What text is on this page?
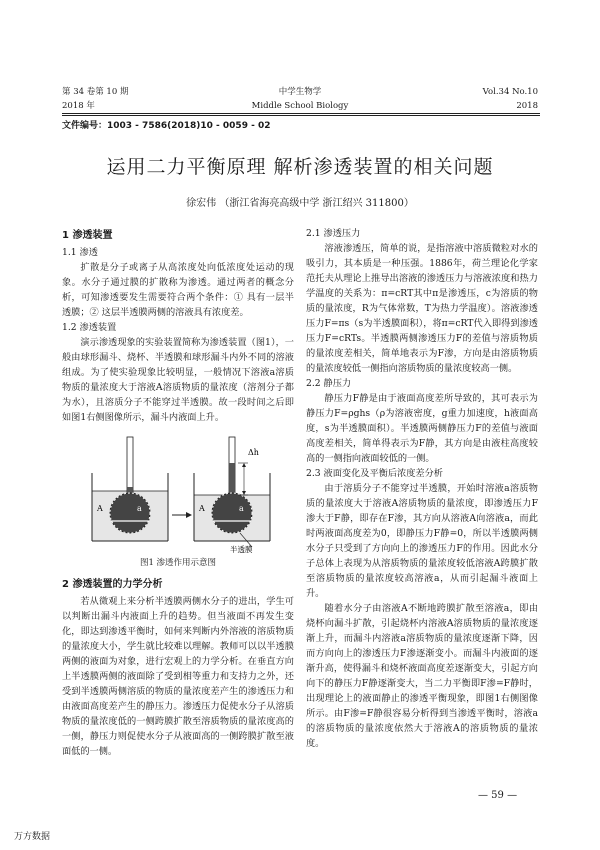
第 34 卷第 10 期
2018 年
中学生物学
Middle School Biology
Vol.34 No.10
2018
文件编号：1003 - 7586(2018)10 - 0059 - 02
运用二力平衡原理 解析渗透装置的相关问题
徐宏伟 （浙江省海亮高级中学 浙江绍兴 311800）
1 渗透装置
1.1 渗透

扩散是分子或离子从高浓度处向低浓度处运动的现象。水分子通过膜的扩散称为渗透。通过两者的概念分析，可知渗透要发生需要符合两个条件：① 具有一层半透膜；② 这层半透膜两侧的溶液具有浓度差。

1.2 渗透装置

演示渗透现象的实验装置简称为渗透装置（图1），一般由球形漏斗、烧杯、半透膜和球形漏斗内外不同的溶液组成。为了使实验现象比较明显，一般情况下溶液a溶质物质的量浓度大于溶液A溶质物质的量浓度（溶剂分子都为水），且溶质分子不能穿过半透膜。故一段时间之后即如图1右侧图像所示，漏斗内液面上升。

Δh
A	a	A	a
半透膜
图1 渗透作用示意图
2 渗透装置的力学分析

若从微观上来分析半透膜两侧水分子的进出，学生可以判断出漏斗内液面上升的趋势。但当液面不再发生变化，即达到渗透平衡时，如何来判断内外溶液的溶质物质的量浓度大小，学生就比较难以理解。教师可以以半透膜两侧的液面为对象，进行宏观上的力学分析。在垂直方向上半透膜两侧的液面除了受到相等重力和支持力之外，还受到半透膜两侧溶质的物质的量浓度差产生的渗透压力和由液面高度差产生的静压力。渗透压力促使水分子从溶质物质的量浓度低的一侧跨膜扩散至溶质物质的量浓度高的一侧，静压力则促使水分子从液面高的一侧跨膜扩散至液面低的一侧。

2.1 渗透压力

溶液渗透压，简单的说，是指溶液中溶质微粒对水的吸引力，其本质是一种压强。1886年，荷兰理论化学家范托夫从理论上推导出溶液的渗透压力与溶液浓度和热力学温度的关系为：π=cRT其中π是渗透压，c为溶质的物质的量浓度，R为气体常数，T为热力学温度）。溶液渗透压力F=πs（s为半透膜面积），将π=cRT代入即得到渗透压力F=cRTs。半透膜两侧渗透压力F的差值与溶质物质的量浓度差相关，简单地表示为F渗，方向是由溶质物质的量浓度较低一侧指向溶质物质的量浓度较高一侧。

2.2 静压力

静压力F静是由于液面高度差所导致的，其可表示为静压力F=ρghs（ρ为溶液密度，g重力加速度，h液面高度，s为半透膜面积）。半透膜两侧静压力F的差值与液面高度差相关，简单得表示为F静，其方向是由液柱高度较高的一侧指向液面较低的一侧。

2.3 液面变化及平衡后浓度差分析

由于溶质分子不能穿过半透膜，开始时溶液a溶质物质的量浓度大于溶液A溶质物质的量浓度，即渗透压力F渗大于F静，即存在F渗，其方向从溶液A向溶液a，而此时两液面高度差为0，即静压力F静=0，所以半透膜两侧水分子只受到了方向向上的渗透压力F的作用。因此水分子总体上表现为从溶质物质的量浓度较低溶液A跨膜扩散至溶质物质的量浓度较高溶液a，从而引起漏斗液面上升。

随着水分子由溶液A不断地跨膜扩散至溶液a，即由烧杯向漏斗扩散，引起烧杯内溶液A溶质物质的量浓度逐渐上升，而漏斗内溶液a溶质物质的量浓度逐渐下降，因而方向向上的渗透压力F渗逐渐变小。而漏斗内液面的逐渐升高，使得漏斗和烧杯液面高度差逐渐变大，引起方向向下的静压力F静逐渐变大，当二力平衡即F渗=F静时，出现理论上的液面静止的渗透平衡现象，即图1右侧图像所示。由F渗=F静很容易分析得到当渗透平衡时，溶液a的溶质物质的量浓度依然大于溶液A的溶质物质的量浓度。

— 59 —
万方数据
